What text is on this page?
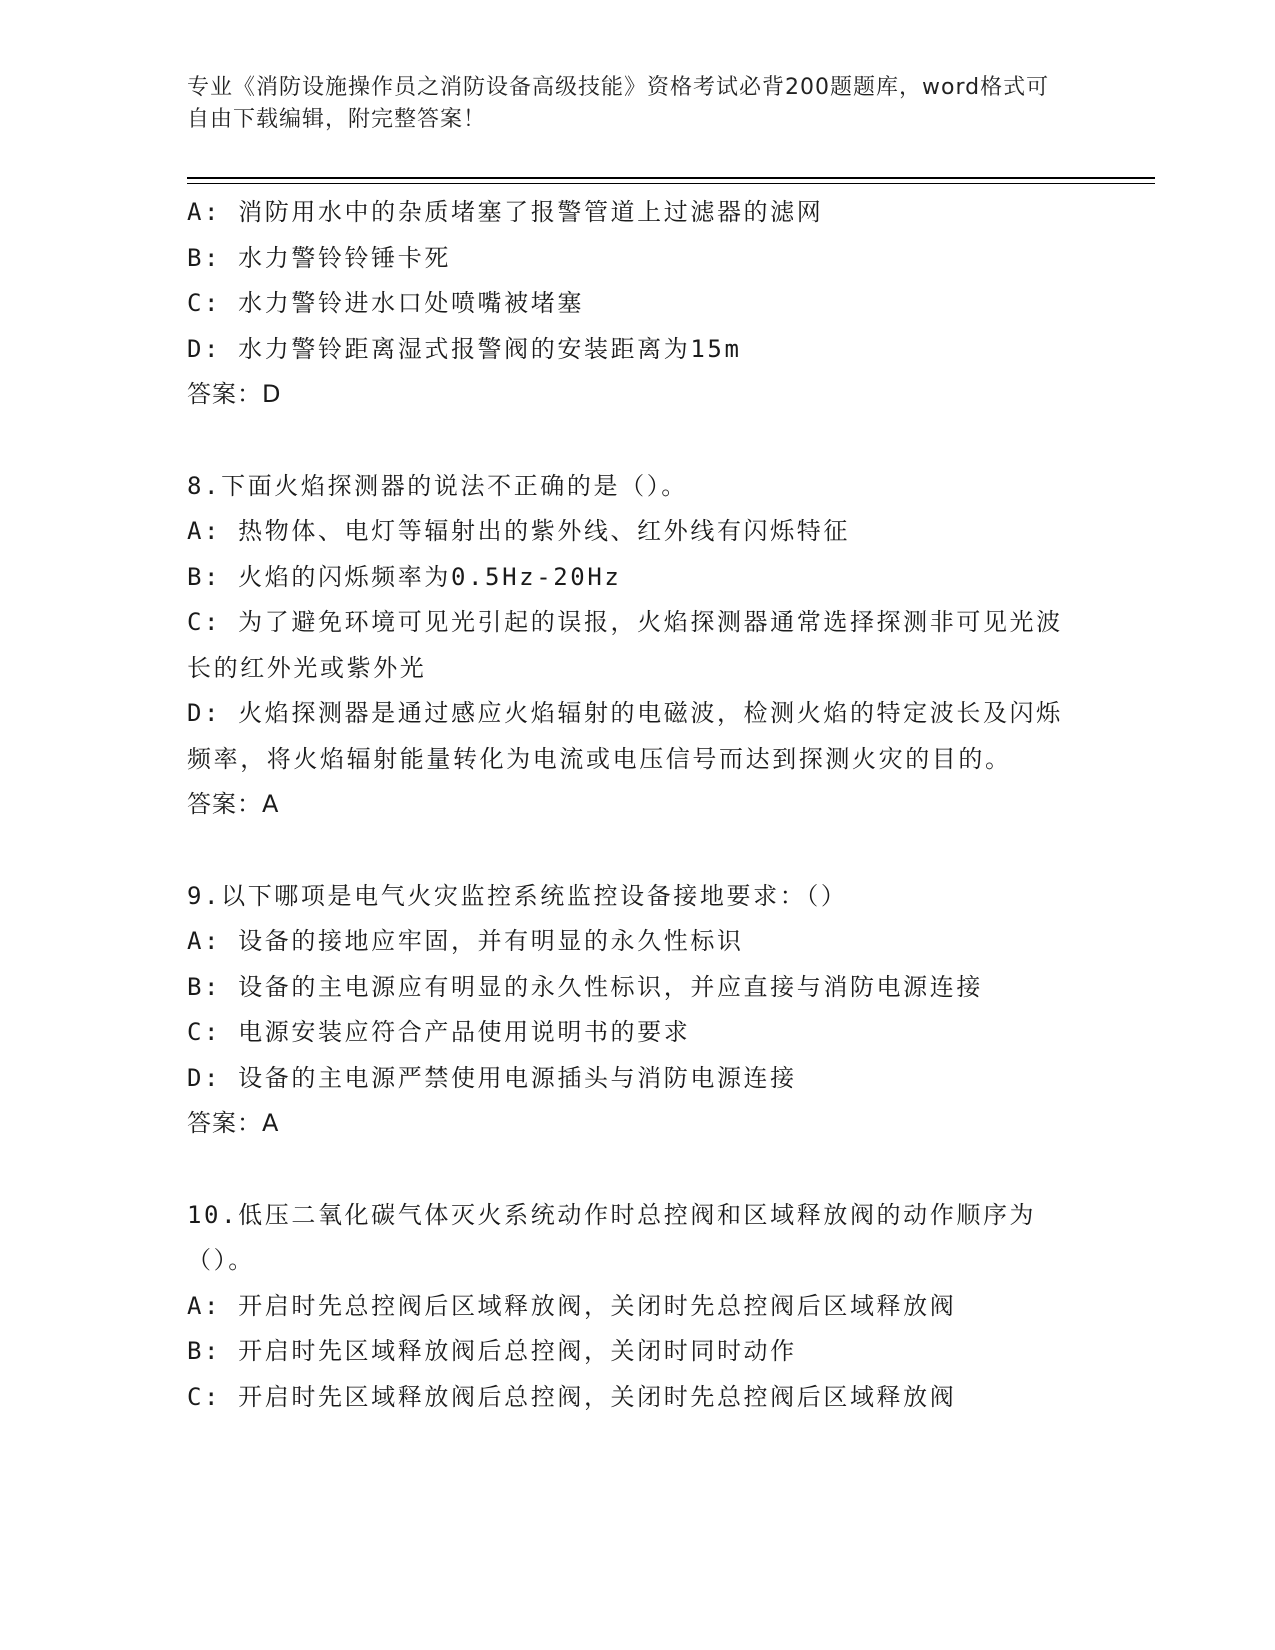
专业《消防设施操作员之消防设备高级技能》资格考试必背200题题库，word格式可自由下载编辑，附完整答案！
A: 消防用水中的杂质堵塞了报警管道上过滤器的滤网
B: 水力警铃铃锤卡死
C: 水力警铃进水口处喷嘴被堵塞
D: 水力警铃距离湿式报警阀的安装距离为15m
答案：D
8.下面火焰探测器的说法不正确的是（）。
A: 热物体、电灯等辐射出的紫外线、红外线有闪烁特征
B: 火焰的闪烁频率为0.5Hz-20Hz
C: 为了避免环境可见光引起的误报，火焰探测器通常选择探测非可见光波长的红外光或紫外光
D: 火焰探测器是通过感应火焰辐射的电磁波，检测火焰的特定波长及闪烁频率，将火焰辐射能量转化为电流或电压信号而达到探测火灾的目的。
答案：A
9.以下哪项是电气火灾监控系统监控设备接地要求：（）
A: 设备的接地应牢固，并有明显的永久性标识
B: 设备的主电源应有明显的永久性标识，并应直接与消防电源连接
C: 电源安装应符合产品使用说明书的要求
D: 设备的主电源严禁使用电源插头与消防电源连接
答案：A
10.低压二氧化碳气体灭火系统动作时总控阀和区域释放阀的动作顺序为（）。
A: 开启时先总控阀后区域释放阀，关闭时先总控阀后区域释放阀
B: 开启时先区域释放阀后总控阀，关闭时同时动作
C: 开启时先区域释放阀后总控阀，关闭时先总控阀后区域释放阀
